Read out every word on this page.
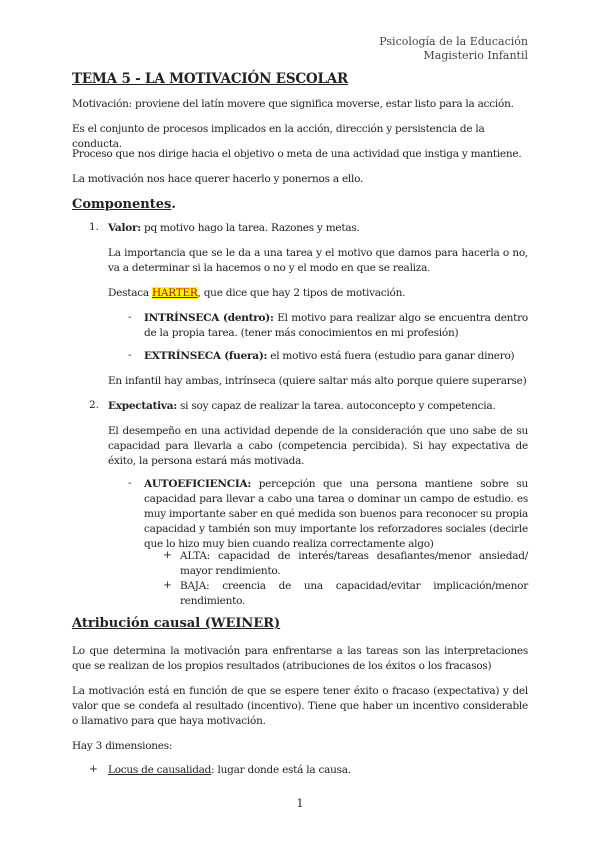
Psicología de la Educación
Magisterio Infantil
TEMA 5 - LA MOTIVACIÓN ESCOLAR
Motivación: proviene del latín movere que significa moverse, estar listo para la acción.
Es el conjunto de procesos implicados en la acción, dirección y persistencia de la conducta.
Proceso que nos dirige hacia el objetivo o meta de una actividad que instiga y mantiene.
La motivación nos hace querer hacerlo y ponernos a ello.
Componentes.
1. Valor: pq motivo hago la tarea. Razones y metas.
La importancia que se le da a una tarea y el motivo que damos para hacerla o no, va a determinar si la hacemos o no y el modo en que se realiza.
Destaca HARTER, que dice que hay 2 tipos de motivación.
- INTRÍNSECA (dentro): El motivo para realizar algo se encuentra dentro de la propia tarea. (tener más conocimientos en mi profesión)
- EXTRÍNSECA (fuera): el motivo está fuera (estudio para ganar dinero)
En infantil hay ambas, intrínseca (quiere saltar más alto porque quiere superarse)
2. Expectativa: si soy capaz de realizar la tarea. autoconcepto y competencia.
El desempeño en una actividad depende de la consideración que uno sabe de su capacidad para llevarla a cabo (competencia percibida). Si hay expectativa de éxito, la persona estará más motivada.
- AUTOEFICIENCIA: percepción que una persona mantiene sobre su capacidad para llevar a cabo una tarea o dominar un campo de estudio. es muy importante saber en qué medida son buenos para reconocer su propia capacidad y también son muy importante los reforzadores sociales (decirle que lo hizo muy bien cuando realiza correctamente algo)
+ ALTA: capacidad de interés/tareas desafiantes/menor ansiedad/ mayor rendimiento.
+ BAJA: creencia de una capacidad/evitar implicación/menor rendimiento.
Atribución causal (WEINER)
Lo que determina la motivación para enfrentarse a las tareas son las interpretaciones que se realizan de los propios resultados (atribuciones de los éxitos o los fracasos)
La motivación está en función de que se espere tener éxito o fracaso (expectativa) y del valor que se condefa al resultado (incentivo). Tiene que haber un incentivo considerable o llamativo para que haya motivación.
Hay 3 dimensiones:
+ Locus de causalidad: lugar donde está la causa.
1
